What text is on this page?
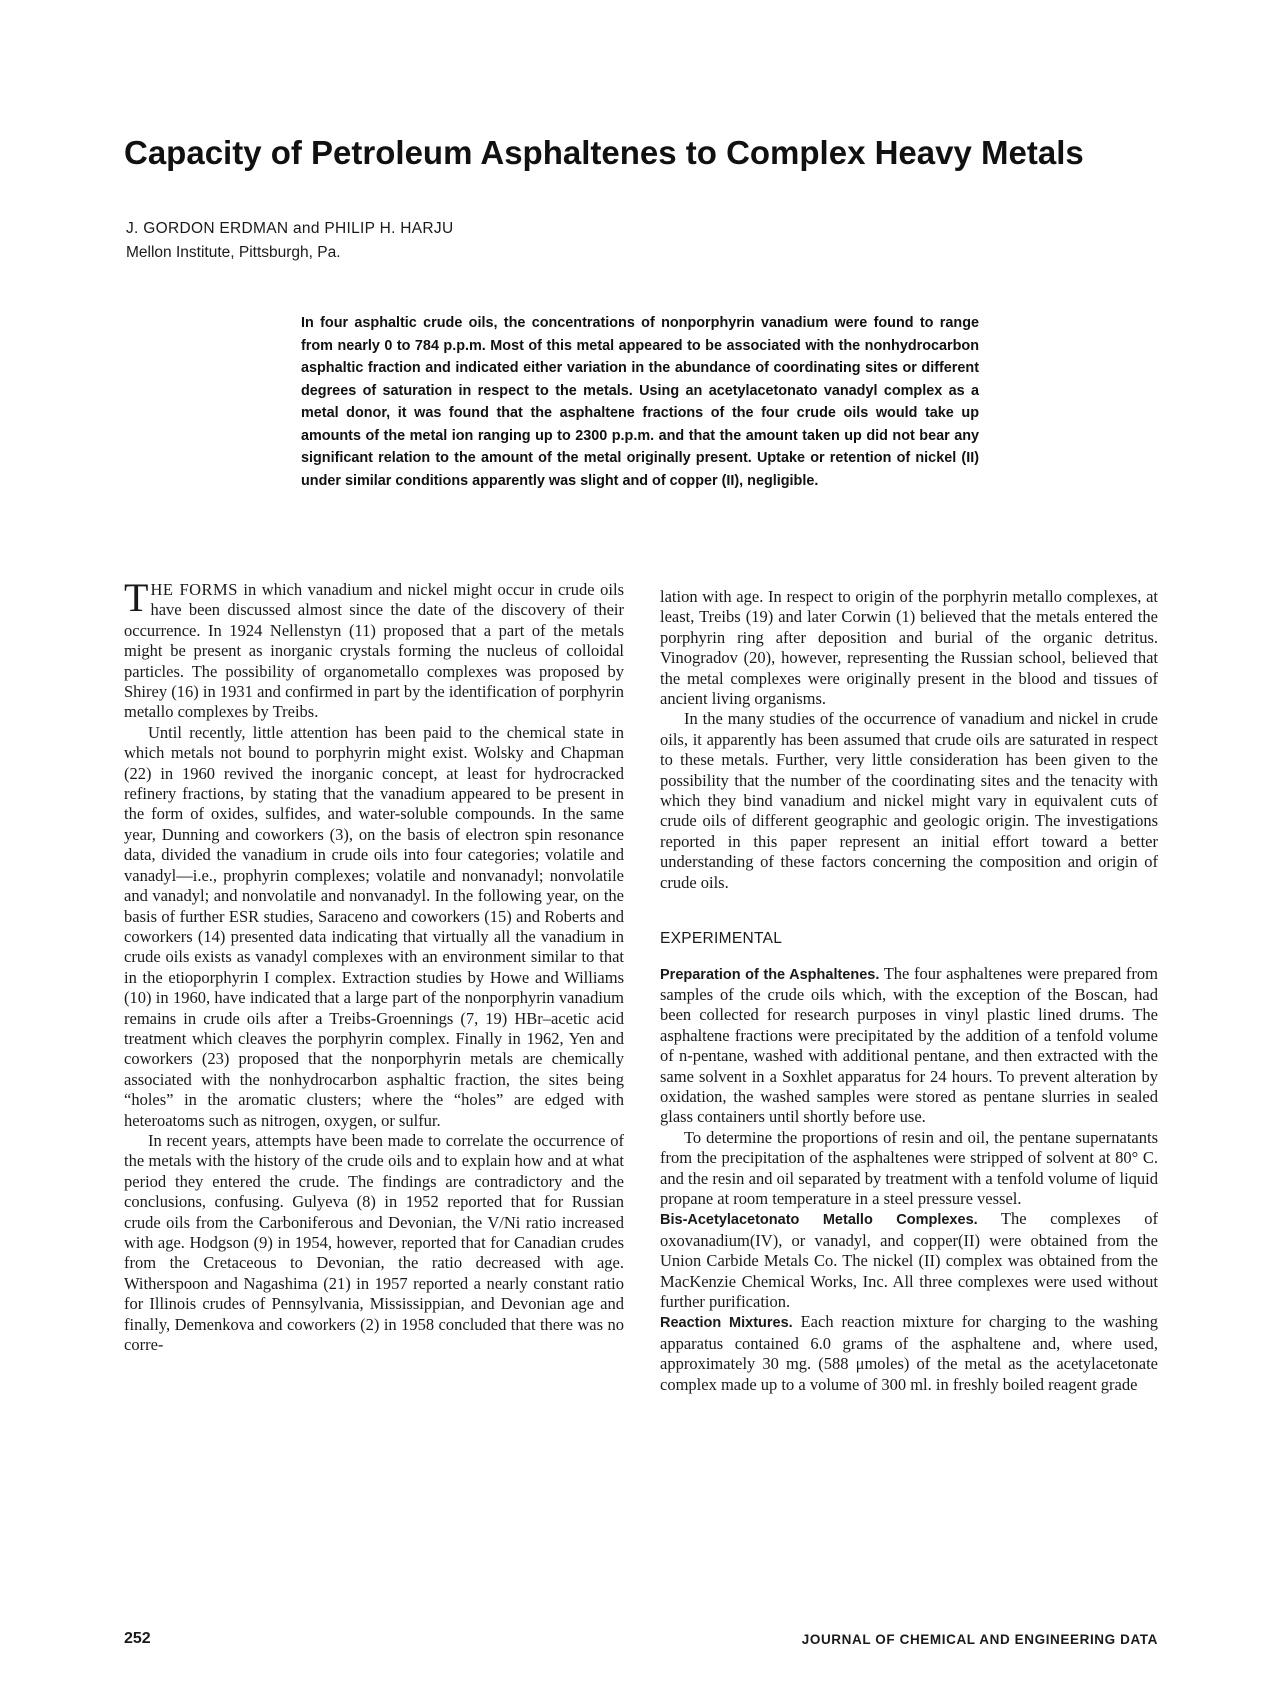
Capacity of Petroleum Asphaltenes to Complex Heavy Metals
J. GORDON ERDMAN and PHILIP H. HARJU
Mellon Institute, Pittsburgh, Pa.

In four asphaltic crude oils, the concentrations of nonporphyrin vanadium were found to range from nearly 0 to 784 p.p.m. Most of this metal appeared to be associated with the nonhydrocarbon asphaltic fraction and indicated either variation in the abundance of coordinating sites or different degrees of saturation in respect to the metals. Using an acetylacetonato vanadyl complex as a metal donor, it was found that the asphaltene fractions of the four crude oils would take up amounts of the metal ion ranging up to 2300 p.p.m. and that the amount taken up did not bear any significant relation to the amount of the metal originally present. Uptake or retention of nickel (II) under similar conditions apparently was slight and of copper (II), negligible.

THE FORMS in which vanadium and nickel might occur in crude oils have been discussed almost since the date of the discovery of their occurrence. In 1924 Nellenstyn (11) proposed that a part of the metals might be present as inorganic crystals forming the nucleus of colloidal particles. The possibility of organometallo complexes was proposed by Shirey (16) in 1931 and confirmed in part by the identification of porphyrin metallo complexes by Treibs.

Until recently, little attention has been paid to the chemical state in which metals not bound to porphyrin might exist. Wolsky and Chapman (22) in 1960 revived the inorganic concept, at least for hydrocracked refinery fractions, by stating that the vanadium appeared to be present in the form of oxides, sulfides, and water-soluble compounds. In the same year, Dunning and coworkers (3), on the basis of electron spin resonance data, divided the vanadium in crude oils into four categories; volatile and vanadyl—i.e., prophyrin complexes; volatile and nonvanadyl; nonvolatile and vanadyl; and nonvolatile and nonvanadyl. In the following year, on the basis of further ESR studies, Saraceno and coworkers (15) and Roberts and coworkers (14) presented data indicating that virtually all the vanadium in crude oils exists as vanadyl complexes with an environment similar to that in the etioporphyrin I complex. Extraction studies by Howe and Williams (10) in 1960, have indicated that a large part of the nonporphyrin vanadium remains in crude oils after a Treibs-Groennings (7, 19) HBr–acetic acid treatment which cleaves the porphyrin complex. Finally in 1962, Yen and coworkers (23) proposed that the nonporphyrin metals are chemically associated with the nonhydrocarbon asphaltic fraction, the sites being “holes” in the aromatic clusters; where the “holes” are edged with heteroatoms such as nitrogen, oxygen, or sulfur.

In recent years, attempts have been made to correlate the occurrence of the metals with the history of the crude oils and to explain how and at what period they entered the crude. The findings are contradictory and the conclusions, confusing. Gulyeva (8) in 1952 reported that for Russian crude oils from the Carboniferous and Devonian, the V/Ni ratio increased with age. Hodgson (9) in 1954, however, reported that for Canadian crudes from the Cretaceous to Devonian, the ratio decreased with age. Witherspoon and Nagashima (21) in 1957 reported a nearly constant ratio for Illinois crudes of Pennsylvania, Mississippian, and Devonian age and finally, Demenkova and coworkers (2) in 1958 concluded that there was no corre-

lation with age. In respect to origin of the porphyrin metallo complexes, at least, Treibs (19) and later Corwin (1) believed that the metals entered the porphyrin ring after deposition and burial of the organic detritus. Vinogradov (20), however, representing the Russian school, believed that the metal complexes were originally present in the blood and tissues of ancient living organisms.

In the many studies of the occurrence of vanadium and nickel in crude oils, it apparently has been assumed that crude oils are saturated in respect to these metals. Further, very little consideration has been given to the possibility that the number of the coordinating sites and the tenacity with which they bind vanadium and nickel might vary in equivalent cuts of crude oils of different geographic and geologic origin. The investigations reported in this paper represent an initial effort toward a better understanding of these factors concerning the composition and origin of crude oils.

EXPERIMENTAL

Preparation of the Asphaltenes. The four asphaltenes were prepared from samples of the crude oils which, with the exception of the Boscan, had been collected for research purposes in vinyl plastic lined drums. The asphaltene fractions were precipitated by the addition of a tenfold volume of n-pentane, washed with additional pentane, and then extracted with the same solvent in a Soxhlet apparatus for 24 hours. To prevent alteration by oxidation, the washed samples were stored as pentane slurries in sealed glass containers until shortly before use.

To determine the proportions of resin and oil, the pentane supernatants from the precipitation of the asphaltenes were stripped of solvent at 80° C. and the resin and oil separated by treatment with a tenfold volume of liquid propane at room temperature in a steel pressure vessel.

Bis-Acetylacetonato Metallo Complexes. The complexes of oxovanadium(IV), or vanadyl, and copper(II) were obtained from the Union Carbide Metals Co. The nickel (II) complex was obtained from the MacKenzie Chemical Works, Inc. All three complexes were used without further purification.

Reaction Mixtures. Each reaction mixture for charging to the washing apparatus contained 6.0 grams of the asphaltene and, where used, approximately 30 mg. (588 μmoles) of the metal as the acetylacetonate complex made up to a volume of 300 ml. in freshly boiled reagent grade

252	JOURNAL OF CHEMICAL AND ENGINEERING DATA
